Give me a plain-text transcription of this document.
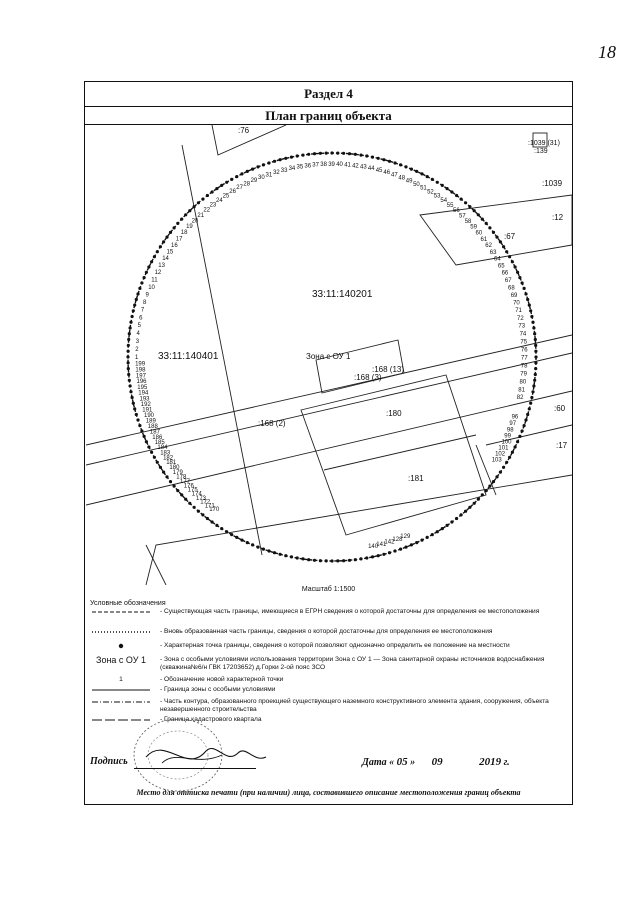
18
Раздел 4
План границ объекта
33:11:140201
33:11:140401	Зона с ОУ 1
:76
:1039
:67
:12
:60
:17
:168 (2)
:168 (3)
:168 (13)
:180
:181
:1039 (31)
:139
1
2
3
4
5
6
7
8
9
10
11
12
13
14
15
16
17
18
19
20
21
22
23
24
25
26
27
28
29
30 31 32 33 34 35 36 37 38 39 40 41 42 43 44 45 46 47 48
49
50
51
52
53
54
55
56
57
58
59
60
61
62
63
64
65
66
67
68
69
70
71
72
73
74
75
76
77
78
79
80
81
82
199
198
197
196
195
194
193
192
191
190
189
188
187
186
185
184
183
182
181
180
179
178
177
176
175
174
173
172
171
170
140
141
142
128
129
96
97
98
99
100
101
102
103
Масштаб 1:1500
Условные обозначения
- Существующая часть границы, имеющиеся в ЕГРН сведения о которой достаточны для определения ее местоположения
- Вновь образованная часть границы, сведения о которой достаточны для определения ее местоположения
- Характерная точка границы, сведения о которой позволяют однозначно определить ее положение на местности
Зона с ОУ 1	- Зона с особыми условиями использования территории Зона с ОУ 1 — Зона санитарной охраны источников водоснабжения (скважина№6/н ГВК 17203652) д.Горки 2-ой пояс ЗСО
1	- Обозначение новой характерной точки
- Граница зоны с особыми условиями
- Часть контура, образованного проекцией существующего наземного конструктивного элемента здания, сооружения, объекта незавершенного строительства
- Граница кадастрового квартала
Подпись	Дата « 05 » 09	2019 г.
Место для оттиска печати (при наличии) лица, составившего описание местоположения границ объекта
